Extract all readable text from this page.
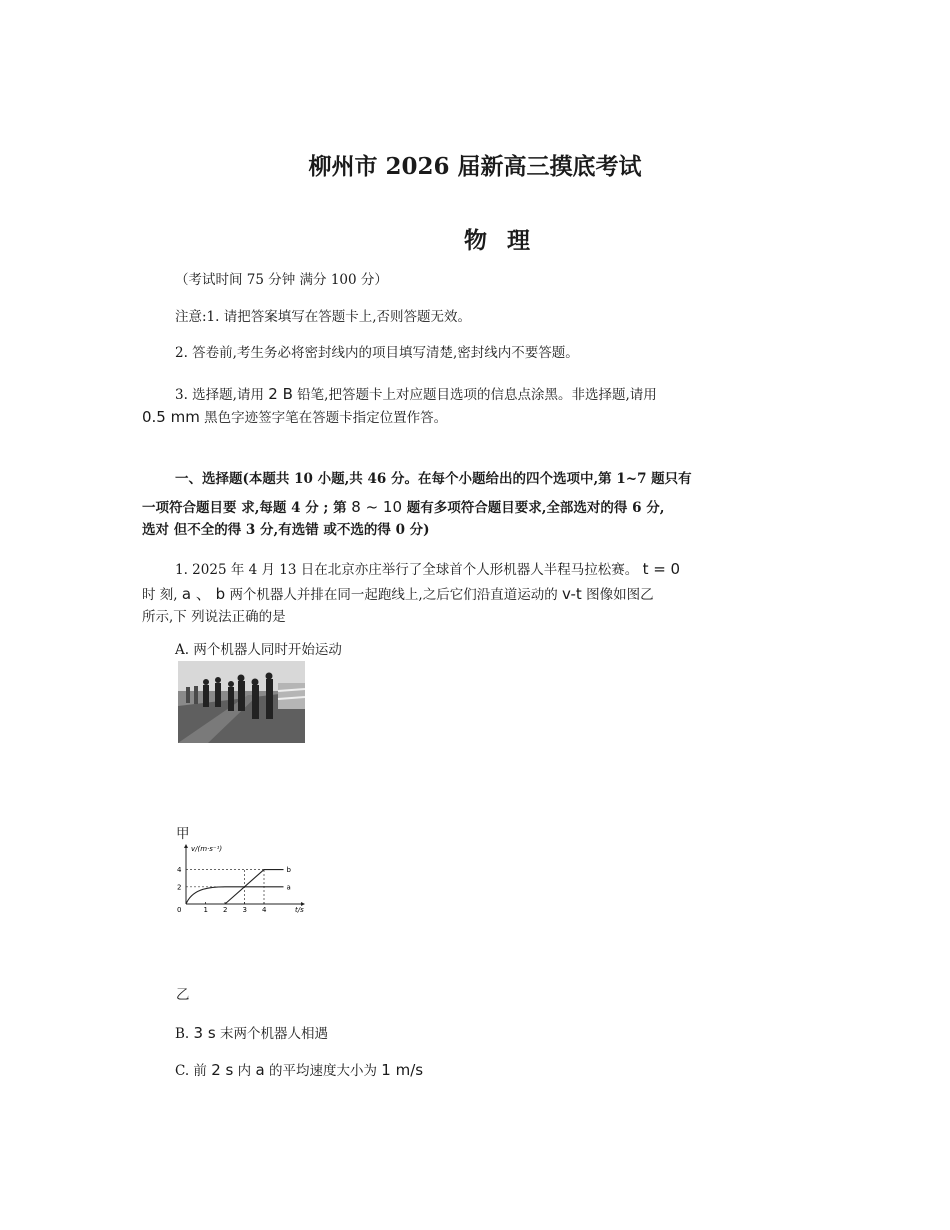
柳州市 2026 届新高三摸底考试
物 理
（考试时间 75 分钟 满分 100 分）
注意:1. 请把答案填写在答题卡上,否则答题无效。
2. 答卷前,考生务必将密封线内的项目填写清楚,密封线内不要答题。
3. 选择题,请用 2 B 铅笔,把答题卡上对应题目选项的信息点涂黑。非选择题,请用
0.5 mm 黑色字迹签字笔在答题卡指定位置作答。
一、选择题(本题共 10 小题,共 46 分。在每个小题给出的四个选项中,第 1~7 题只有
一项符合题目要 求,每题 4 分 ; 第 8 ~ 10 题有多项符合题目要求,全部选对的得 6 分,
选对 但不全的得 3 分,有选错 或不选的得 0 分)
1. 2025 年 4 月 13 日在北京亦庄举行了全球首个人形机器人半程马拉松赛。 t = 0
时 刻, a 、 b 两个机器人并排在同一起跑线上,之后它们沿直道运动的 v-t 图像如图乙
所示,下 列说法正确的是
A. 两个机器人同时开始运动
甲
v/(m·s⁻¹)
t/s
0
4
2
1 2 3 4
a
b
乙
B. 3 s 末两个机器人相遇
C. 前 2 s 内 a 的平均速度大小为 1 m/s
